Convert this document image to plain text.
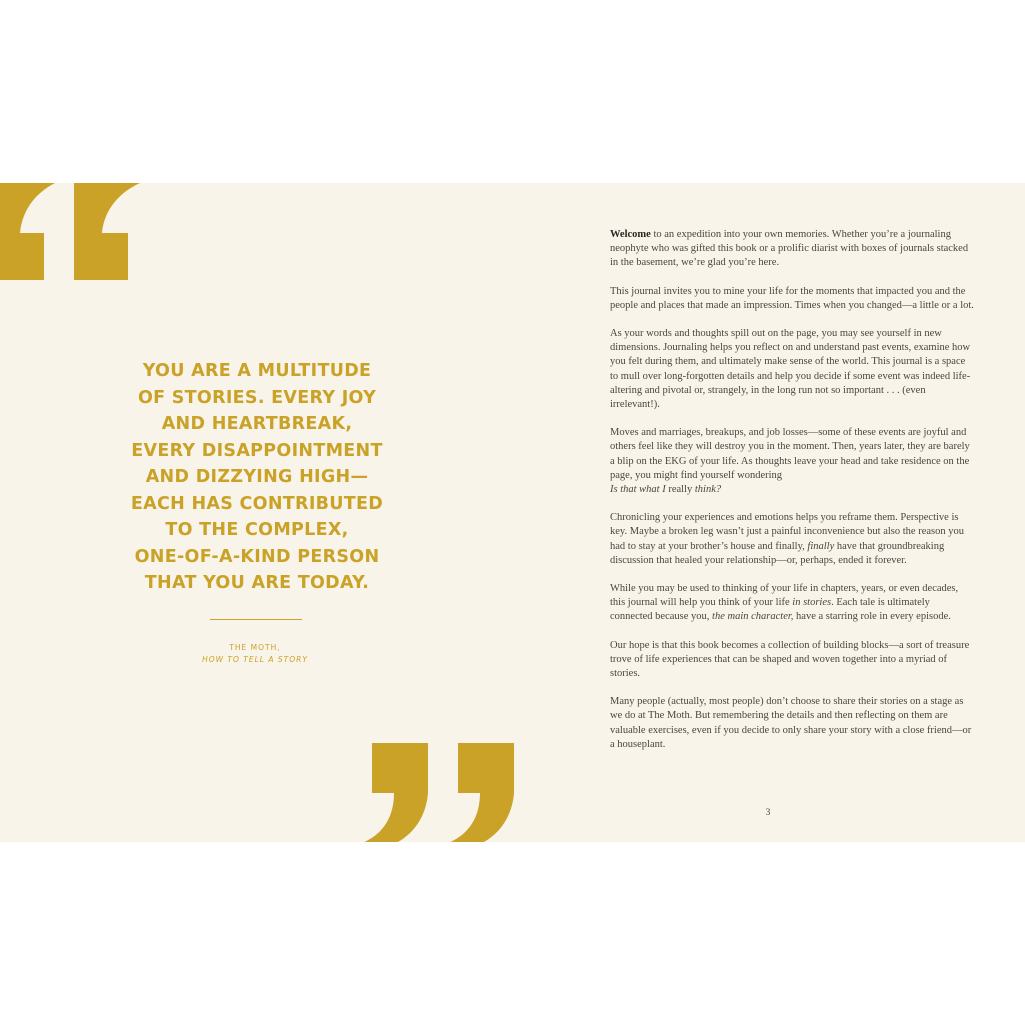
YOU ARE A MULTITUDE
OF STORIES. EVERY JOY
AND HEARTBREAK,
EVERY DISAPPOINTMENT
AND DIZZYING HIGH—
EACH HAS CONTRIBUTED
TO THE COMPLEX,
ONE-OF-A-KIND PERSON
THAT YOU ARE TODAY.
THE MOTH,
HOW TO TELL A STORY

Welcome to an expedition into your own memories. Whether you’re a journaling neophyte who was gifted this book or a prolific diarist with boxes of journals stacked in the basement, we’re glad you’re here.

This journal invites you to mine your life for the moments that impacted you and the people and places that made an impression. Times when you changed—a little or a lot.

As your words and thoughts spill out on the page, you may see yourself in new dimensions. Journaling helps you reflect on and understand past events, examine how you felt during them, and ultimately make sense of the world. This journal is a space to mull over long-forgotten details and help you decide if some event was indeed life-altering and pivotal or, strangely, in the long run not so important . . . (even irrelevant!).

Moves and marriages, breakups, and job losses—some of these events are joyful and others feel like they will destroy you in the moment. Then, years later, they are barely a blip on the EKG of your life. As thoughts leave your head and take residence on the page, you might find yourself wondering
Is that what I really think?

Chronicling your experiences and emotions helps you reframe them. Perspective is key. Maybe a broken leg wasn’t just a painful inconvenience but also the reason you had to stay at your brother’s house and finally, finally have that groundbreaking discussion that healed your relationship—or, perhaps, ended it forever.

While you may be used to thinking of your life in chapters, years, or even decades, this journal will help you think of your life in stories. Each tale is ultimately connected because you, the main character, have a starring role in every episode.

Our hope is that this book becomes a collection of building blocks—a sort of treasure trove of life experiences that can be shaped and woven together into a myriad of stories.

Many people (actually, most people) don’t choose to share their stories on a stage as we do at The Moth. But remembering the details and then reflecting on them are valuable exercises, even if you decide to only share your story with a close friend—or a houseplant.

3
